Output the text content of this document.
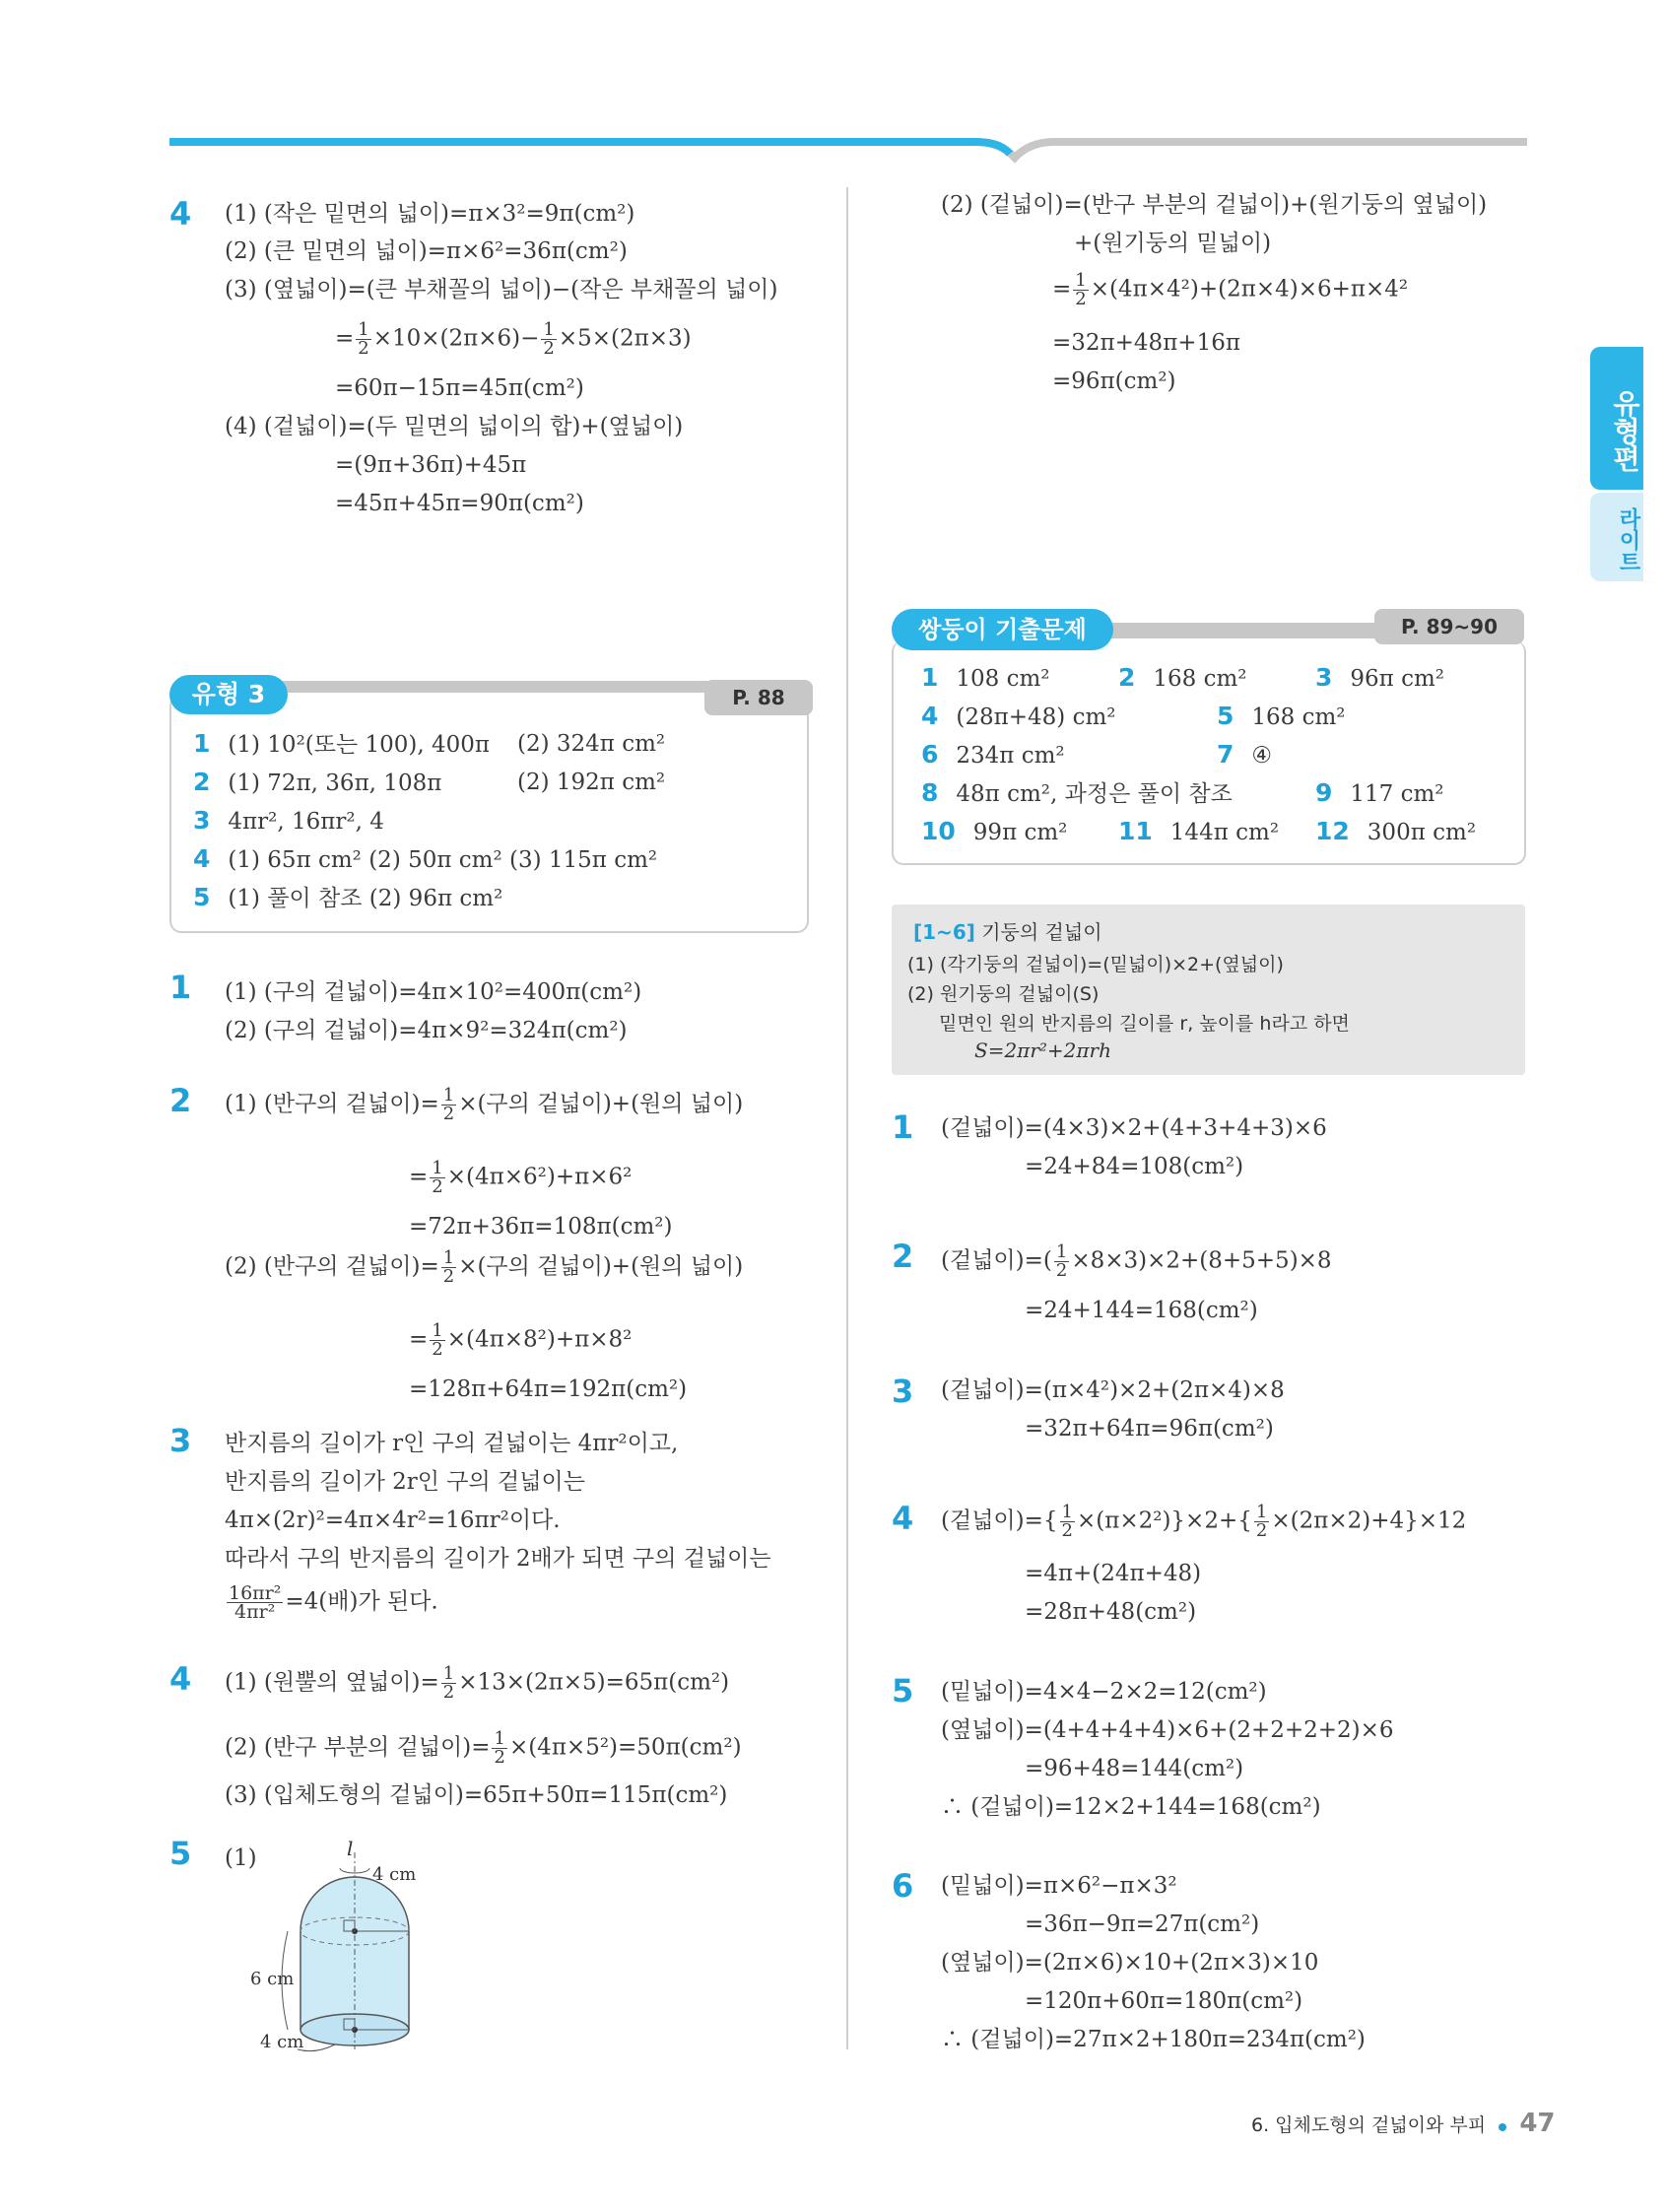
유형편
라이트
4 (1) (작은 밑면의 넓이)=π×3²=9π(cm²)
(2) (큰 밑면의 넓이)=π×6²=36π(cm²)
(3) (옆넓이)=(큰 부채꼴의 넓이)−(작은 부채꼴의 넓이)
= $\frac{1}{2} \times 10\times(2\pi\times 6)- \frac{1}{2} \times 5\times(2\pi\times 3)$
=60π−15π=45π(cm²)
(4) (겉넓이)=(두 밑면의 넓이의 합)+(옆넓이)
=(9π+36π)+45π
=45π+45π=90π(cm²)
유형 3	P. 88
1 (1) 10²(또는 100), 400π (2) 324π cm²
2 (1) 72π, 36π, 108π	(2) 192π cm²
3 4πr², 16πr², 4
4 (1) 65π cm² (2) 50π cm² (3) 115π cm²
5 (1) 풀이 참조 (2) 96π cm²
1 (1) (구의 겉넓이)=4π×10²=400π(cm²)
(2) (구의 겉넓이)=4π×9²=324π(cm²)
2 (1) (반구의 겉넓이)= $\frac{1}{2}$ ×(구의 겉넓이)+(원의 넓이)
= $\frac{1}{2} \times(4\pi\times 6^2)+\pi\times 6^2$
=72π+36π=108π(cm²)
(2) (반구의 겉넓이)= $\frac{1}{2}$ ×(구의 겉넓이)+(원의 넓이)
= $\frac{1}{2} \times(4\pi\times 8^2)+\pi\times 8^2$
=128π+64π=192π(cm²)
3 반지름의 길이가 r인 구의 겉넓이는 4πr²이고,
반지름의 길이가 2r인 구의 겉넓이는
4π×(2r)²=4π×4r²=16πr²이다.
따라서 구의 반지름의 길이가 2배가 되면 구의 겉넓이는
$\frac{\text{16πr²}}{\text{4πr²}} =4$(배)가 된다.
4 (1) (원뿔의 옆넓이)= $\frac{1}{2} \times 13\times(2\pi\times 5)=65\pi(cm^2)$
(2) (반구 부분의 겉넓이)= $\frac{1}{2} \times(4\pi\times 5^2)=50\pi(cm^2)$
(3) (입체도형의 겉넓이)=65π+50π=115π(cm²)
5 (1)	l
4 cm
6 cm
4 cm
(2) (겉넓이)=(반구 부분의 겉넓이)+(원기둥의 옆넓이)
+(원기둥의 밑넓이)
= $\frac{1}{2} \times(4\pi\times 4^2)+(2\pi\times 4)\times 6+\pi\times 4^2$
=32π+48π+16π
=96π(cm²)
쌍둥이 기출문제	P. 89~90
1 108 cm²	2 168 cm²	3 96π cm²
4 (28π+48) cm²	5 168 cm²
6 234π cm²	7 ④
8 48π cm², 과정은 풀이 참조	9 117 cm²
10 99π cm² 11 144π cm² 12 300π cm²
[1~6] 기둥의 겉넓이
(1) (각기둥의 겉넓이)=(밑넓이)×2+(옆넓이)
(2) 원기둥의 겉넓이(S)
밑면인 원의 반지름의 길이를 r, 높이를 h라고 하면
S=2πr²+2πrh
1 (겉넓이)=(4×3)×2+(4+3+4+3)×6
=24+84=108(cm²)
2 (겉넓이)=( $\frac{1}{2} \times 8\times 3)\times 2+(8+5+5)\times 8$
=24+144=168(cm²)
3 (겉넓이)=(π×4²)×2+(2π×4)×8
=32π+64π=96π(cm²)
4 (겉넓이)={ $\frac{1}{2} \times(\pi\times 2^2)\}\times 2+\{ \frac{1}{2} \times(2\pi\times 2)+4\}\times 12$
=4π+(24π+48)
=28π+48(cm²)
5 (밑넓이)=4×4−2×2=12(cm²)
(옆넓이)=(4+4+4+4)×6+(2+2+2+2)×6
=96+48=144(cm²)
∴ (겉넓이)=12×2+144=168(cm²)
6 (밑넓이)=π×6²−π×3²
=36π−9π=27π(cm²)
(옆넓이)=(2π×6)×10+(2π×3)×10
=120π+60π=180π(cm²)
∴ (겉넓이)=27π×2+180π=234π(cm²)
6. 입체도형의 겉넓이와 부피 47
